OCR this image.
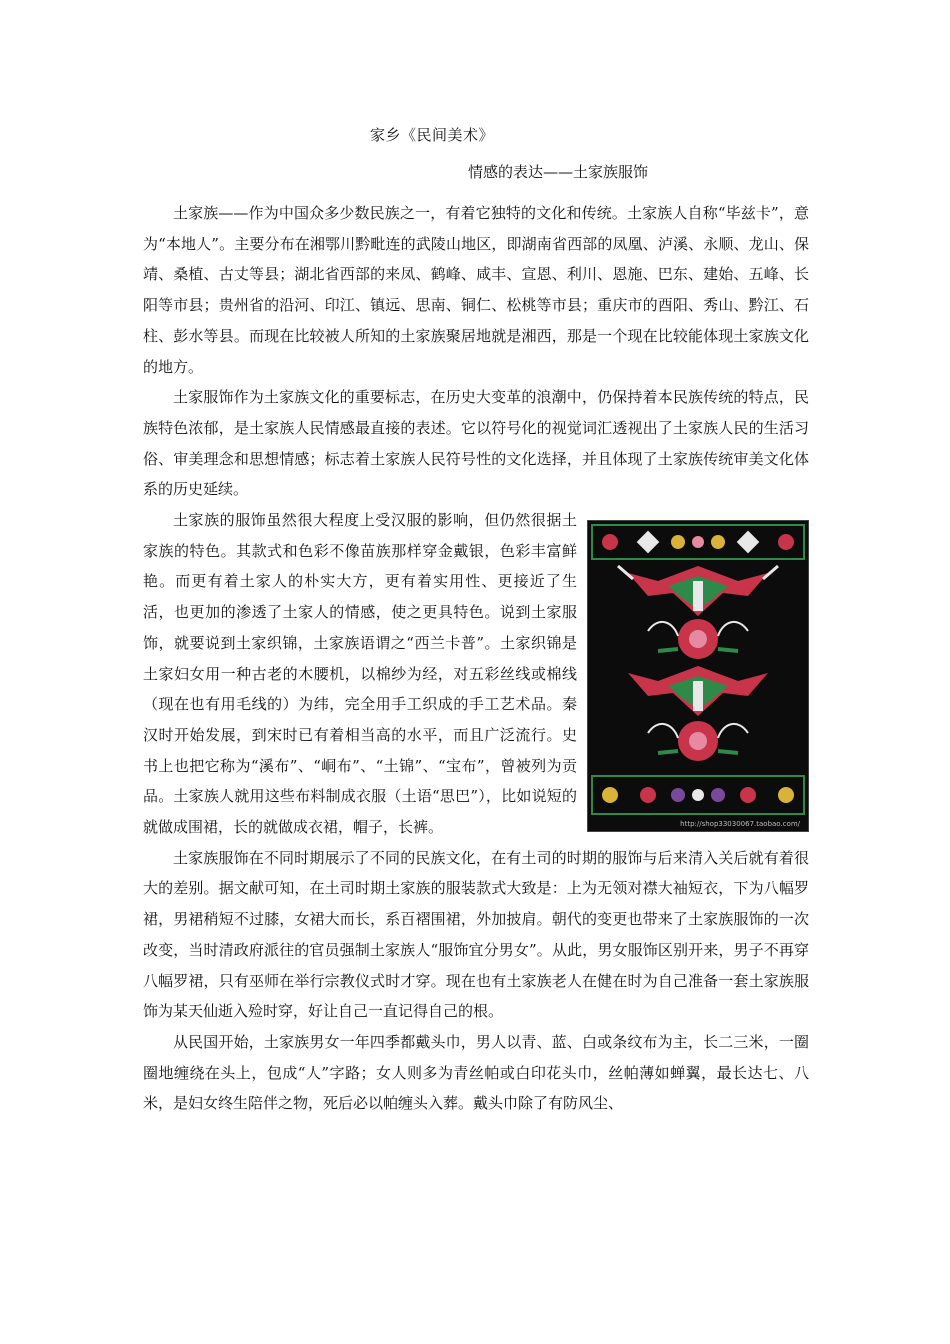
家乡《民间美术》
情感的表达——土家族服饰

土家族——作为中国众多少数民族之一，有着它独特的文化和传统。土家族人自称“毕兹卡”，意为“本地人”。主要分布在湘鄂川黔毗连的武陵山地区，即湖南省西部的凤凰、泸溪、永顺、龙山、保靖、桑植、古丈等县；湖北省西部的来凤、鹤峰、咸丰、宣恩、利川、恩施、巴东、建始、五峰、长阳等市县；贵州省的沿河、印江、镇远、思南、铜仁、松桃等市县；重庆市的酉阳、秀山、黔江、石柱、彭水等县。而现在比较被人所知的土家族聚居地就是湘西，那是一个现在比较能体现土家族文化的地方。

土家服饰作为土家族文化的重要标志，在历史大变革的浪潮中，仍保持着本民族传统的特点，民族特色浓郁，是土家族人民情感最直接的表述。它以符号化的视觉词汇透视出了土家族人民的生活习俗、审美理念和思想情感；标志着土家族人民符号性的文化选择，并且体现了土家族传统审美文化体系的历史延续。

http://shop33030067.taobao.com/

土家族的服饰虽然很大程度上受汉服的影响，但仍然很据土家族的特色。其款式和色彩不像苗族那样穿金戴银，色彩丰富鲜艳。而更有着土家人的朴实大方，更有着实用性、更接近了生活，也更加的渗透了土家人的情感，使之更具特色。说到土家服饰，就要说到土家织锦，土家族语谓之“西兰卡普”。土家织锦是土家妇女用一种古老的木腰机，以棉纱为经，对五彩丝线或棉线（现在也有用毛线的）为纬，完全用手工织成的手工艺术品。秦汉时开始发展，到宋时已有着相当高的水平，而且广泛流行。史书上也把它称为“溪布”、“峒布”、“土锦”、“宝布”，曾被列为贡品。土家族人就用这些布料制成衣服（土语“思巴”），比如说短的就做成围裙，长的就做成衣裙，帽子，长裤。

土家族服饰在不同时期展示了不同的民族文化，在有土司的时期的服饰与后来清入关后就有着很大的差别。据文献可知，在土司时期土家族的服装款式大致是：上为无领对襟大袖短衣，下为八幅罗裙，男裙稍短不过膝，女裙大而长，系百褶围裙，外加披肩。朝代的变更也带来了土家族服饰的一次改变，当时清政府派往的官员强制土家族人“服饰宜分男女”。从此，男女服饰区别开来，男子不再穿八幅罗裙，只有巫师在举行宗教仪式时才穿。现在也有土家族老人在健在时为自己准备一套土家族服饰为某天仙逝入殓时穿，好让自己一直记得自己的根。

从民国开始，土家族男女一年四季都戴头巾，男人以青、蓝、白或条纹布为主，长二三米，一圈圈地缠绕在头上，包成“人”字路；女人则多为青丝帕或白印花头巾，丝帕薄如蝉翼，最长达七、八米，是妇女终生陪伴之物，死后必以帕缠头入葬。戴头巾除了有防风尘、
